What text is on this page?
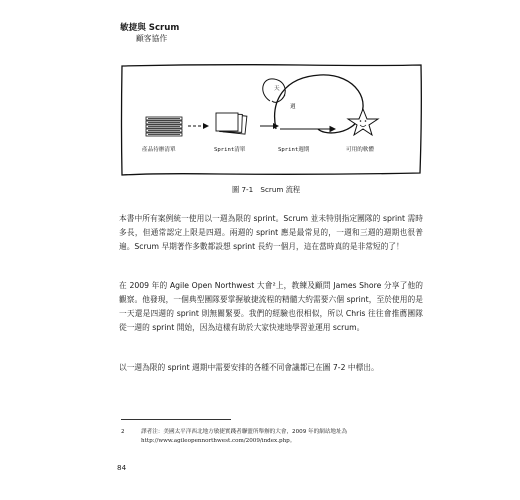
敏捷與 Scrum
顧客協作
天
週
產品待辦清單	Sprint清單	Sprint週期	可用的軟體
圖 7-1　Scrum 流程

本書中所有案例統一使用以一週為限的 sprint。Scrum 並未特別指定團隊的 sprint 需時多長，但通常認定上限是四週。兩週的 sprint 應是最常見的，一週和三週的週期也很普遍。Scrum 早期著作多數都設想 sprint 長約一個月，這在當時真的是非常短的了！

在 2009 年的 Agile Open Northwest 大會²上，教練及顧問 James Shore 分享了他的觀察。他發現，一個典型團隊要掌握敏捷流程的精髓大約需要六個 sprint，至於使用的是一天還是四週的 sprint 則無關緊要。我們的經驗也很相似，所以 Chris 往往會推薦團隊從一週的 sprint 開始，因為這樣有助於大家快速地學習並運用 scrum。

以一週為限的 sprint 週期中需要安排的各種不同會議都已在圖 7-2 中標出。

2	譯者注：美國太平洋西北地方敏捷實踐者聯盟所舉辦的大會，2009 年的網站地址為
http://www.agileopennorthwest.com/2009/index.php。
84
